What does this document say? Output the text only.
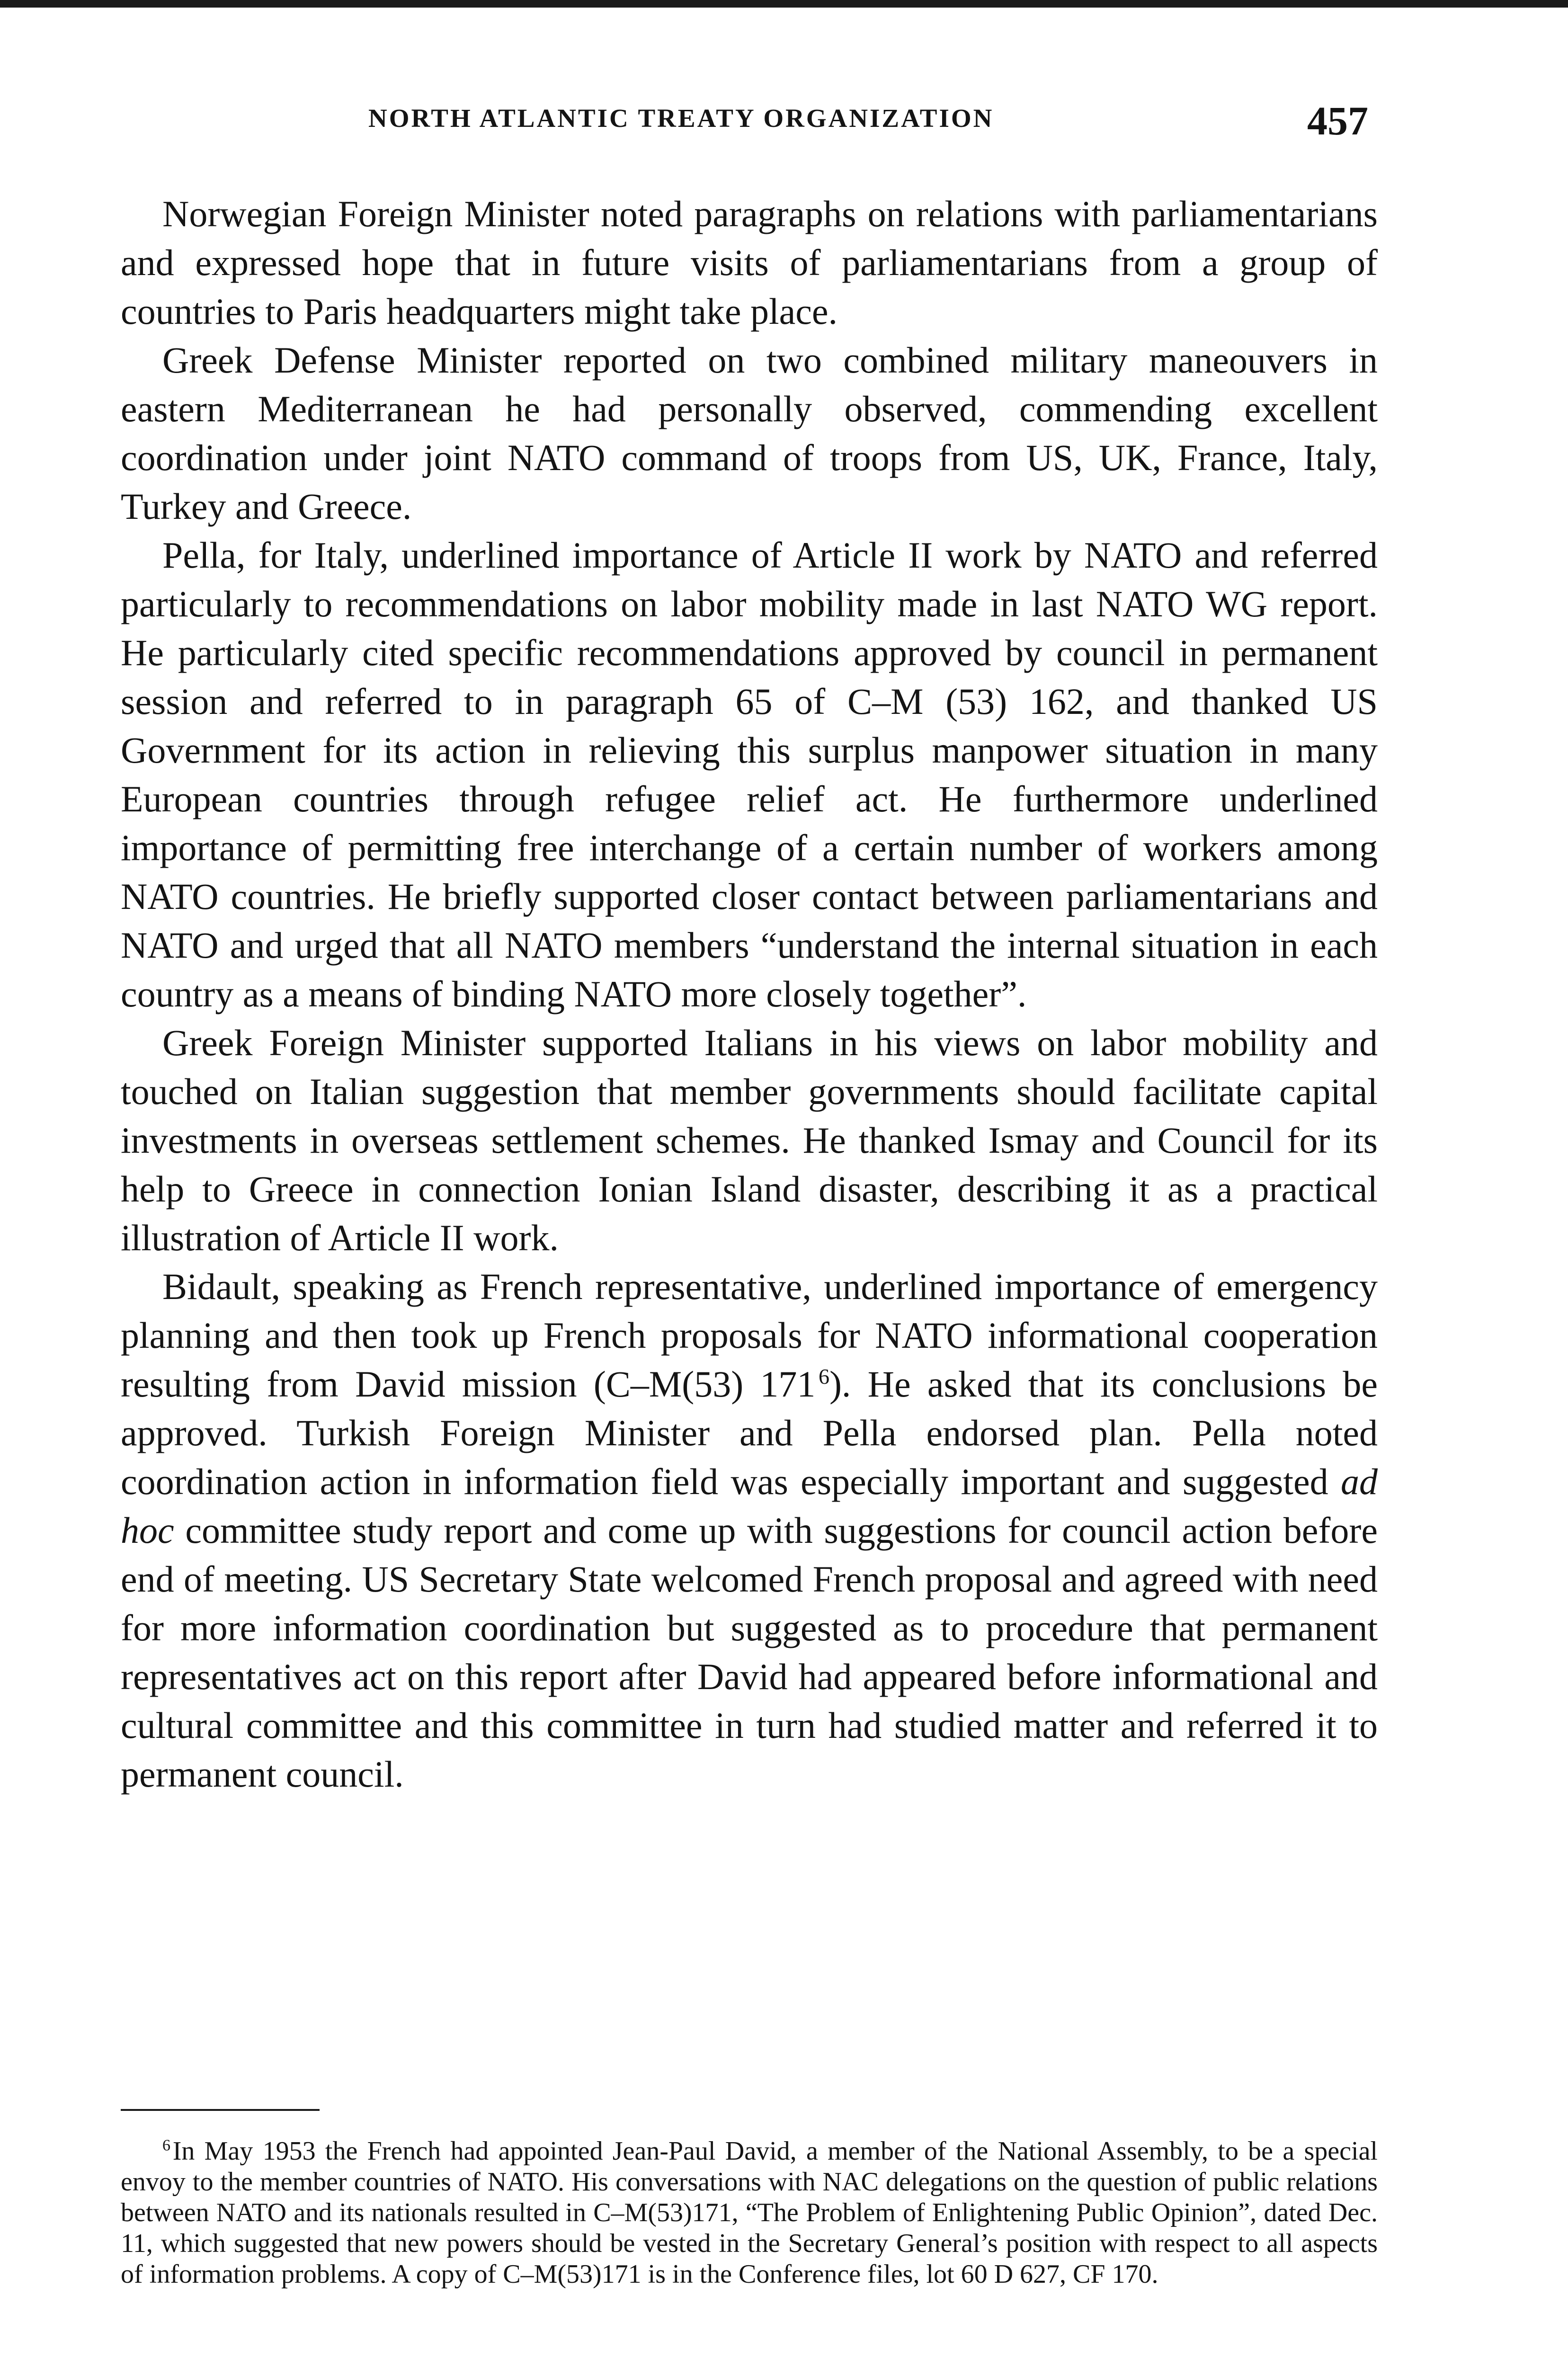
NORTH ATLANTIC TREATY ORGANIZATION	457

Norwegian Foreign Minister noted paragraphs on relations with parliamentarians and expressed hope that in future visits of parliamentarians from a group of countries to Paris headquarters might take place.

Greek Defense Minister reported on two combined military maneouvers in eastern Mediterranean he had personally observed, commending excellent coordination under joint NATO command of troops from US, UK, France, Italy, Turkey and Greece.

Pella, for Italy, underlined importance of Article II work by NATO and referred particularly to recommendations on labor mobility made in last NATO WG report. He particularly cited specific recommendations approved by council in permanent session and referred to in paragraph 65 of C–M (53) 162, and thanked US Government for its action in relieving this surplus manpower situation in many European countries through refugee relief act. He furthermore underlined importance of permitting free interchange of a certain number of workers among NATO countries. He briefly supported closer contact between parliamentarians and NATO and urged that all NATO members “understand the internal situation in each country as a means of binding NATO more closely together”.

Greek Foreign Minister supported Italians in his views on labor mobility and touched on Italian suggestion that member governments should facilitate capital investments in overseas settlement schemes. He thanked Ismay and Council for its help to Greece in connection Ionian Island disaster, describing it as a practical illustration of Article II work.

Bidault, speaking as French representative, underlined importance of emergency planning and then took up French proposals for NATO informational cooperation resulting from David mission (C–M(53) 171  $^6$). He asked that its conclusions be approved. Turkish Foreign Minister and Pella endorsed plan. Pella noted coordination action in information field was especially important and suggested ad hoc committee study report and come up with suggestions for council action before end of meeting. US Secretary State welcomed French proposal and agreed with need for more information coordination but suggested as to procedure that permanent representatives act on this report after David had appeared before informational and cultural committee and this committee in turn had studied matter and referred it to permanent council.

$^6$ In May 1953 the French had appointed Jean-Paul David, a member of the National Assembly, to be a special envoy to the member countries of NATO. His conversations with NAC delegations on the question of public relations between NATO and its nationals resulted in C–M(53)171, “The Problem of Enlightening Public Opinion”, dated Dec. 11, which suggested that new powers should be vested in the Secretary General’s position with respect to all aspects of information problems. A copy of C–M(53)171 is in the Conference files, lot 60 D 627, CF 170.
